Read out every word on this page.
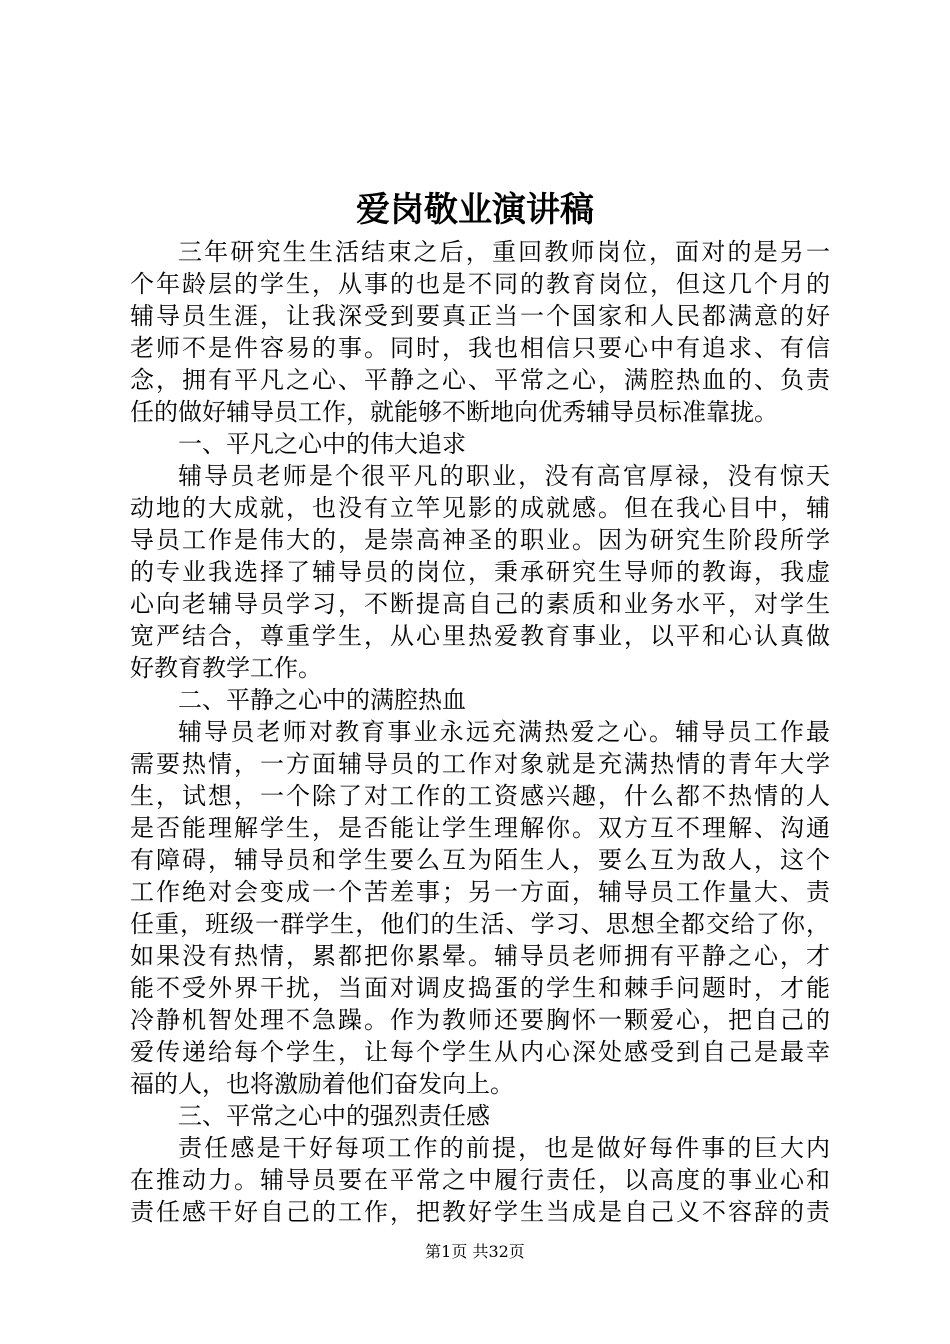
爱岗敬业演讲稿
三年研究生生活结束之后，重回教师岗位，面对的是另一
个年龄层的学生，从事的也是不同的教育岗位，但这几个月的
辅导员生涯，让我深受到要真正当一个国家和人民都满意的好
老师不是件容易的事。同时，我也相信只要心中有追求、有信
念，拥有平凡之心、平静之心、平常之心，满腔热血的、负责
任的做好辅导员工作，就能够不断地向优秀辅导员标准靠拢。
一、平凡之心中的伟大追求
辅导员老师是个很平凡的职业，没有高官厚禄，没有惊天
动地的大成就，也没有立竿见影的成就感。但在我心目中，辅
导员工作是伟大的，是崇高神圣的职业。因为研究生阶段所学
的专业我选择了辅导员的岗位，秉承研究生导师的教诲，我虚
心向老辅导员学习，不断提高自己的素质和业务水平，对学生
宽严结合，尊重学生，从心里热爱教育事业，以平和心认真做
好教育教学工作。
二、平静之心中的满腔热血
辅导员老师对教育事业永远充满热爱之心。辅导员工作最
需要热情，一方面辅导员的工作对象就是充满热情的青年大学
生，试想，一个除了对工作的工资感兴趣，什么都不热情的人
是否能理解学生，是否能让学生理解你。双方互不理解、沟通
有障碍，辅导员和学生要么互为陌生人，要么互为敌人，这个
工作绝对会变成一个苦差事；另一方面，辅导员工作量大、责
任重，班级一群学生，他们的生活、学习、思想全都交给了你，
如果没有热情，累都把你累晕。辅导员老师拥有平静之心，才
能不受外界干扰，当面对调皮捣蛋的学生和棘手问题时，才能
冷静机智处理不急躁。作为教师还要胸怀一颗爱心，把自己的
爱传递给每个学生，让每个学生从内心深处感受到自己是最幸
福的人，也将激励着他们奋发向上。
三、平常之心中的强烈责任感
责任感是干好每项工作的前提，也是做好每件事的巨大内
在推动力。辅导员要在平常之中履行责任，以高度的事业心和
责任感干好自己的工作，把教好学生当成是自己义不容辞的责
第1页 共32页
